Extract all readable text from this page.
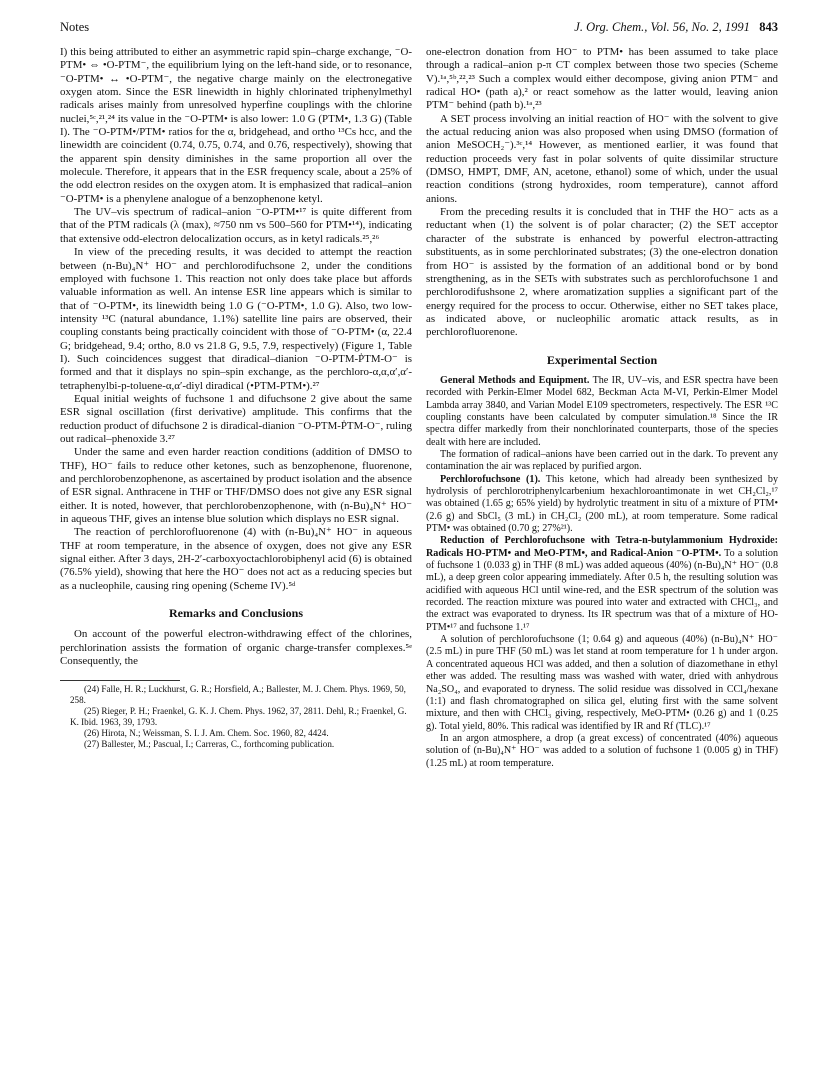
Notes	J. Org. Chem., Vol. 56, No. 2, 1991 843

I) this being attributed to either an asymmetric rapid spin–charge exchange, ⁻O-PTM• ⇔ •O-PTM⁻, the equilibrium lying on the left-hand side, or to resonance, ⁻O-PTM• ↔ •O-PTM⁻, the negative charge mainly on the electronegative oxygen atom. Since the ESR linewidth in highly chlorinated triphenylmethyl radicals arises mainly from unresolved hyperfine couplings with the chlorine nuclei,⁵ᶜ,²¹,²⁴ its value in the ⁻O-PTM• is also lower: 1.0 G (PTM•, 1.3 G) (Table I). The ⁻O-PTM•/PTM• ratios for the α, bridgehead, and ortho ¹³Cs hcc, and the linewidth are coincident (0.74, 0.75, 0.74, and 0.76, respectively), showing that the apparent spin density diminishes in the same proportion all over the molecule. Therefore, it appears that in the ESR frequency scale, about a 25% of the odd electron resides on the oxygen atom. It is emphasized that radical–anion ⁻O-PTM• is a phenylene analogue of a benzophenone ketyl.

The UV–vis spectrum of radical–anion ⁻O-PTM•¹⁷ is quite different from that of the PTM radicals (λ (max), ≈750 nm vs 500–560 for PTM•¹⁴), indicating that extensive odd-electron delocalization occurs, as in ketyl radicals.²⁵,²⁶

In view of the preceding results, it was decided to attempt the reaction between (n-Bu)₄N⁺ HO⁻ and perchlorodifuchsone 2, under the conditions employed with fuchsone 1. This reaction not only does take place but affords valuable information as well. An intense ESR line appears which is similar to that of ⁻O-PTM•, its linewidth being 1.0 G (⁻O-PTM•, 1.0 G). Also, two low-intensity ¹³C (natural abundance, 1.1%) satellite line pairs are observed, their coupling constants being practically coincident with those of ⁻O-PTM• (α, 22.4 G; bridgehead, 9.4; ortho, 8.0 vs 21.8 G, 9.5, 7.9, respectively) (Figure 1, Table I). Such coincidences suggest that diradical–dianion ⁻O-PTM-ṖTM-O⁻ is formed and that it displays no spin–spin exchange, as the perchloro-α,α,α′,α′-tetraphenylbi-p-toluene-α,α′-diyl diradical (•PTM-PTM•).²⁷

Equal initial weights of fuchsone 1 and difuchsone 2 give about the same ESR signal oscillation (first derivative) amplitude. This confirms that the reduction product of difuchsone 2 is diradical-dianion ⁻O-PTM-ṖTM-O⁻, ruling out radical–phenoxide 3.²⁷

Under the same and even harder reaction conditions (addition of DMSO to THF), HO⁻ fails to reduce other ketones, such as benzophenone, fluorenone, and perchlorobenzophenone, as ascertained by product isolation and the absence of ESR signal. Anthracene in THF or THF/DMSO does not give any ESR signal either. It is noted, however, that perchlorobenzophenone, with (n-Bu)₄N⁺ HO⁻ in aqueous THF, gives an intense blue solution which displays no ESR signal.

The reaction of perchlorofluorenone (4) with (n-Bu)₄N⁺ HO⁻ in aqueous THF at room temperature, in the absence of oxygen, does not give any ESR signal either. After 3 days, 2H-2′-carboxyoctachlorobiphenyl acid (6) is obtained (76.5% yield), showing that here the HO⁻ does not act as a reducing species but as a nucleophile, causing ring opening (Scheme IV).⁵ᵈ

Remarks and Conclusions

On account of the powerful electron-withdrawing effect of the chlorines, perchlorination assists the formation of organic charge-transfer complexes.⁵ᵉ Consequently, the

(24) Falle, H. R.; Luckhurst, G. R.; Horsfield, A.; Ballester, M. J. Chem. Phys. 1969, 50, 258.

(25) Rieger, P. H.; Fraenkel, G. K. J. Chem. Phys. 1962, 37, 2811. Dehl, R.; Fraenkel, G. K. Ibid. 1963, 39, 1793.

(26) Hirota, N.; Weissman, S. I. J. Am. Chem. Soc. 1960, 82, 4424.

(27) Ballester, M.; Pascual, I.; Carreras, C., forthcoming publication.

one-electron donation from HO⁻ to PTM• has been assumed to take place through a radical–anion p-π CT complex between those two species (Scheme V).¹ᵃ,⁵ᵇ,²²,²³ Such a complex would either decompose, giving anion PTM⁻ and radical HO• (path a),² or react somehow as the latter would, leaving anion PTM⁻ behind (path b).¹ᵃ,²³

A SET process involving an initial reaction of HO⁻ with the solvent to give the actual reducing anion was also proposed when using DMSO (formation of anion MeSOCH₂⁻).³ᶜ,¹⁴ However, as mentioned earlier, it was found that reduction proceeds very fast in polar solvents of quite dissimilar structure (DMSO, HMPT, DMF, AN, acetone, ethanol) some of which, under the usual reaction conditions (strong hydroxides, room temperature), cannot afford anions.

From the preceding results it is concluded that in THF the HO⁻ acts as a reductant when (1) the solvent is of polar character; (2) the SET acceptor character of the substrate is enhanced by powerful electron-attracting substituents, as in some perchlorinated substrates; (3) the one-electron donation from HO⁻ is assisted by the formation of an additional bond or by bond strengthening, as in the SETs with substrates such as perchlorofuchsone 1 and perchlorodifushsone 2, where aromatization supplies a significant part of the energy required for the process to occur. Otherwise, either no SET takes place, as indicated above, or nucleophilic aromatic attack results, as in perchlorofluorenone.

Experimental Section

General Methods and Equipment. The IR, UV–vis, and ESR spectra have been recorded with Perkin-Elmer Model 682, Beckman Acta M-VI, Perkin-Elmer Model Lambda array 3840, and Varian Model E109 spectrometers, respectively. The ESR ¹³C coupling constants have been calculated by computer simulation.¹⁸ Since the IR spectra differ markedly from their nonchlorinated counterparts, those of the species dealt with here are included.

The formation of radical–anions have been carried out in the dark. To prevent any contamination the air was replaced by purified argon.

Perchlorofuchsone (1). This ketone, which had already been synthesized by hydrolysis of perchlorotriphenylcarbenium hexachloroantimonate in wet CH₂Cl₂,¹⁷ was obtained (1.65 g; 65% yield) by hydrolytic treatment in situ of a mixture of PTM• (2.6 g) and SbCl₅ (3 mL) in CH₂Cl₂ (200 mL), at room temperature. Some radical PTM• was obtained (0.70 g; 27%²¹).

Reduction of Perchlorofuchsone with Tetra-n-butylammonium Hydroxide: Radicals HO-PTM• and MeO-PTM•, and Radical-Anion ⁻O-PTM•. To a solution of fuchsone 1 (0.033 g) in THF (8 mL) was added aqueous (40%) (n-Bu)₄N⁺ HO⁻ (0.8 mL), a deep green color appearing immediately. After 0.5 h, the resulting solution was acidified with aqueous HCl until wine-red, and the ESR spectrum of the solution was recorded. The reaction mixture was poured into water and extracted with CHCl₃, and the extract was evaporated to dryness. Its IR spectrum was that of a mixture of HO-PTM•¹⁷ and fuchsone 1.¹⁷

A solution of perchlorofuchsone (1; 0.64 g) and aqueous (40%) (n-Bu)₄N⁺ HO⁻ (2.5 mL) in pure THF (50 mL) was let stand at room temperature for 1 h under argon. A concentrated aqueous HCl was added, and then a solution of diazomethane in ethyl ether was added. The resulting mass was washed with water, dried with anhydrous Na₂SO₄, and evaporated to dryness. The solid residue was dissolved in CCl₄/hexane (1:1) and flash chromatographed on silica gel, eluting first with the same solvent mixture, and then with CHCl₃ giving, respectively, MeO-PTM• (0.26 g) and 1 (0.25 g). Total yield, 80%. This radical was identified by IR and Rf (TLC).¹⁷

In an argon atmosphere, a drop (a great excess) of concentrated (40%) aqueous solution of (n-Bu)₄N⁺ HO⁻ was added to a solution of fuchsone 1 (0.005 g) in THF) (1.25 mL) at room temperature.
